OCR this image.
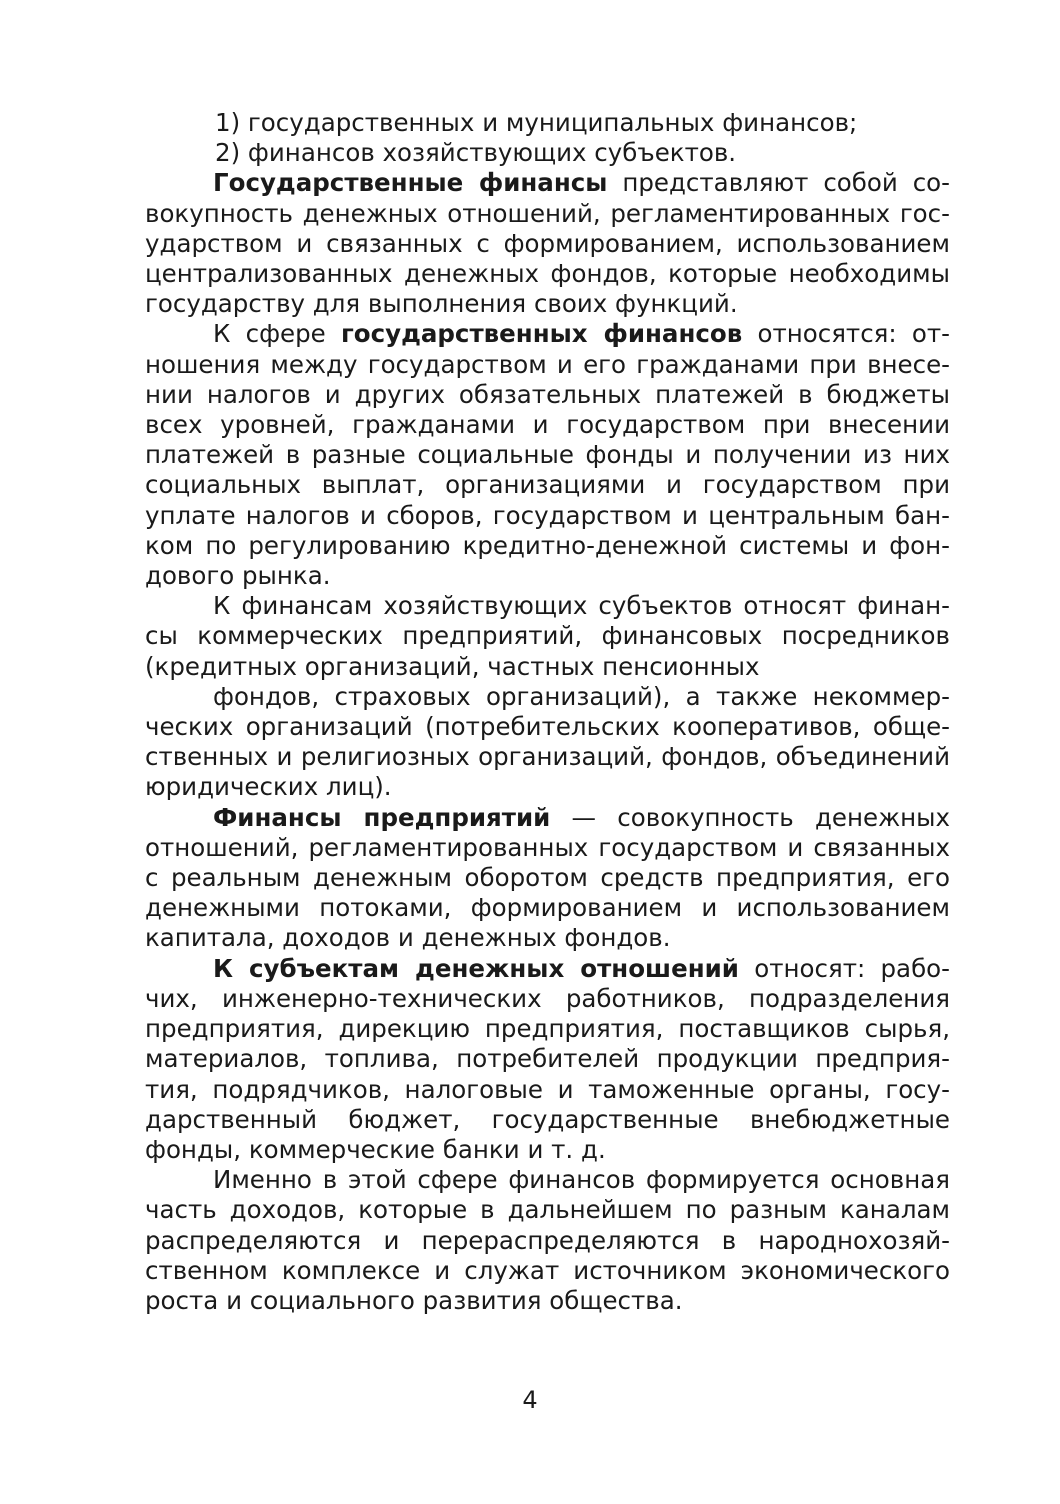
1) государственных и муниципальных финансов;

2) финансов хозяйствующих субъектов.

Государственные финансы представляют собой совокупность денежных отношений, регламентированных государством и связанных с формированием, использованием централизованных денежных фондов, которые необходимы государству для выполнения своих функций.

К сфере государственных финансов относятся: отношения между государством и его гражданами при внесении налогов и других обязательных платежей в бюджеты всех уровней, гражданами и государством при внесении платежей в разные социальные фонды и получении из них социальных выплат, организациями и государством при уплате налогов и сборов, государством и центральным банком по регулированию кредитно-денежной системы и фондового рынка.

К финансам хозяйствующих субъектов относят финансы коммерческих предприятий, финансовых посредников (кредитных организаций, частных пенсионных

фондов, страховых организаций), а также некоммерческих организаций (потребительских кооперативов, общественных и религиозных организаций, фондов, объединений юридических лиц).

Финансы предприятий — совокупность денежных отношений, регламентированных государством и связанных с реальным денежным оборотом средств предприятия, его денежными потоками, формированием и использованием капитала, доходов и денежных фондов.

К субъектам денежных отношений относят: рабочих, инженерно-технических работников, подразделения предприятия, дирекцию предприятия, поставщиков сырья, материалов, топлива, потребителей продукции предприятия, подрядчиков, налоговые и таможенные органы, государственный бюджет, государственные внебюджетные фонды, коммерческие банки и т. д.

Именно в этой сфере финансов формируется основная часть доходов, которые в дальнейшем по разным каналам распределяются и перераспределяются в народнохозяйственном комплексе и служат источником экономического роста и социального развития общества.

4
